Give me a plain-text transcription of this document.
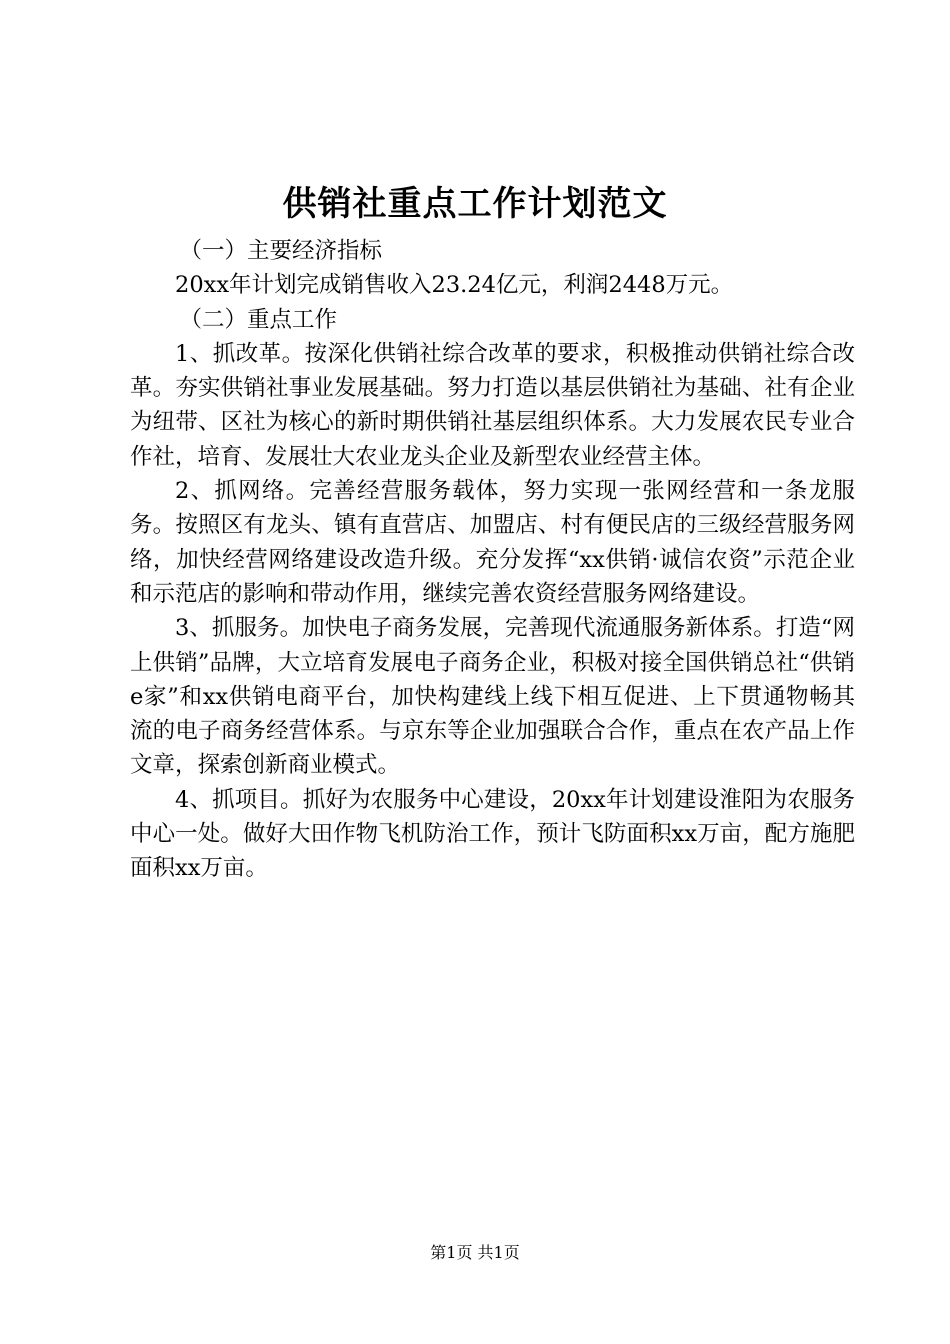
供销社重点工作计划范文

（一）主要经济指标

20xx年计划完成销售收入23.24亿元，利润2448万元。

（二）重点工作

1、抓改革。按深化供销社综合改革的要求，积极推动供销社综合改革。夯实供销社事业发展基础。努力打造以基层供销社为基础、社有企业为纽带、区社为核心的新时期供销社基层组织体系。大力发展农民专业合作社，培育、发展壮大农业龙头企业及新型农业经营主体。

2、抓网络。完善经营服务载体，努力实现一张网经营和一条龙服务。按照区有龙头、镇有直营店、加盟店、村有便民店的三级经营服务网络，加快经营网络建设改造升级。充分发挥“xx供销·诚信农资”示范企业和示范店的影响和带动作用，继续完善农资经营服务网络建设。

3、抓服务。加快电子商务发展，完善现代流通服务新体系。打造“网上供销”品牌，大立培育发展电子商务企业，积极对接全国供销总社“供销e家”和xx供销电商平台，加快构建线上线下相互促进、上下贯通物畅其流的电子商务经营体系。与京东等企业加强联合合作，重点在农产品上作文章，探索创新商业模式。

4、抓项目。抓好为农服务中心建设，20xx年计划建设淮阳为农服务中心一处。做好大田作物飞机防治工作，预计飞防面积xx万亩，配方施肥面积xx万亩。

第1页 共1页
